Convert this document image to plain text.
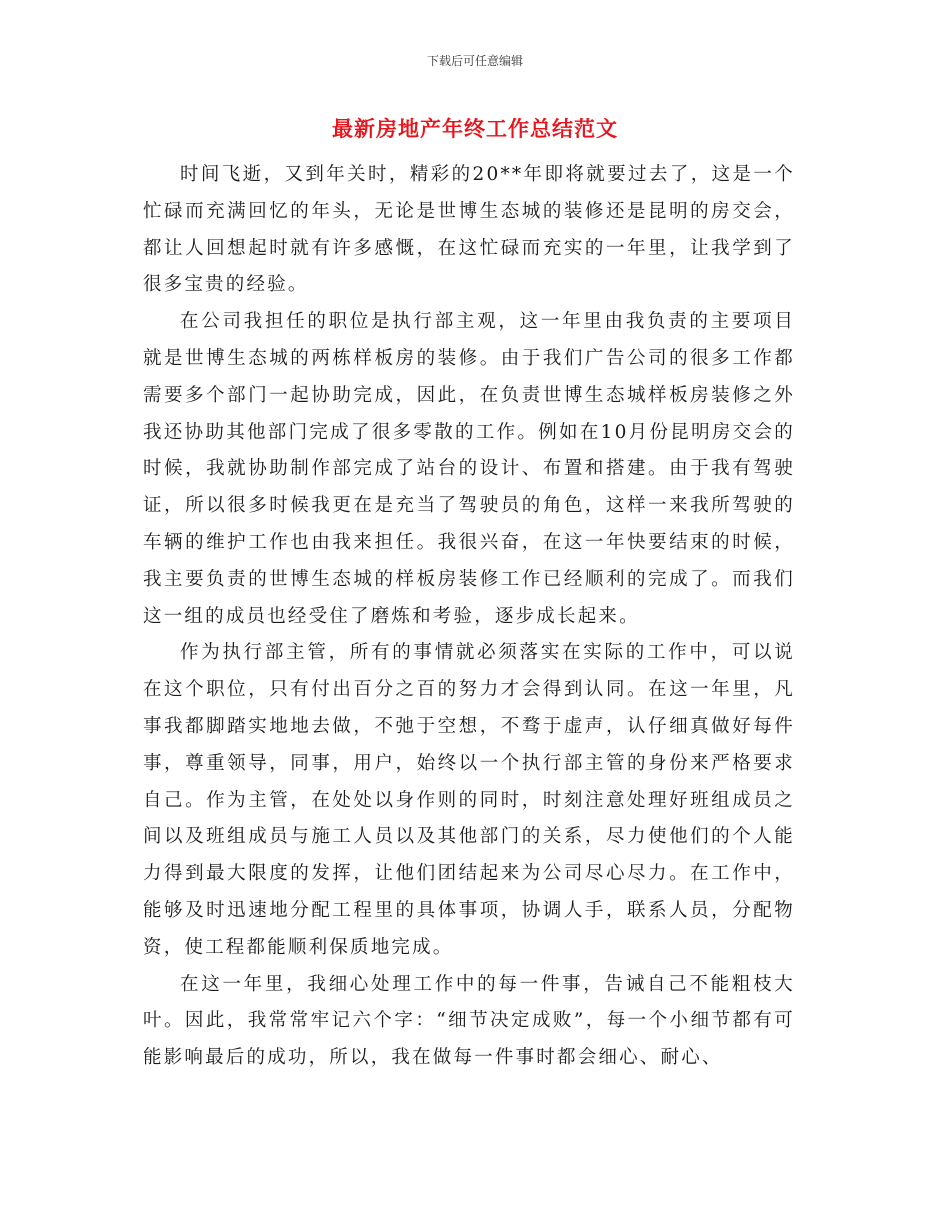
下载后可任意编辑
最新房地产年终工作总结范文

时间飞逝，又到年关时，精彩的20**年即将就要过去了，这是一个忙碌而充满回忆的年头，无论是世博生态城的装修还是昆明的房交会，都让人回想起时就有许多感慨，在这忙碌而充实的一年里，让我学到了很多宝贵的经验。

在公司我担任的职位是执行部主观，这一年里由我负责的主要项目就是世博生态城的两栋样板房的装修。由于我们广告公司的很多工作都需要多个部门一起协助完成，因此，在负责世博生态城样板房装修之外我还协助其他部门完成了很多零散的工作。例如在10月份昆明房交会的时候，我就协助制作部完成了站台的设计、布置和搭建。由于我有驾驶证，所以很多时候我更在是充当了驾驶员的角色，这样一来我所驾驶的车辆的维护工作也由我来担任。我很兴奋，在这一年快要结束的时候，我主要负责的世博生态城的样板房装修工作已经顺利的完成了。而我们这一组的成员也经受住了磨炼和考验，逐步成长起来。

作为执行部主管，所有的事情就必须落实在实际的工作中，可以说在这个职位，只有付出百分之百的努力才会得到认同。在这一年里，凡事我都脚踏实地地去做，不弛于空想，不骛于虚声，认仔细真做好每件事，尊重领导，同事，用户，始终以一个执行部主管的身份来严格要求自己。作为主管，在处处以身作则的同时，时刻注意处理好班组成员之间以及班组成员与施工人员以及其他部门的关系，尽力使他们的个人能力得到最大限度的发挥，让他们团结起来为公司尽心尽力。在工作中，能够及时迅速地分配工程里的具体事项，协调人手，联系人员，分配物资，使工程都能顺利保质地完成。

在这一年里，我细心处理工作中的每一件事，告诫自己不能粗枝大叶。因此，我常常牢记六个字：“细节决定成败”，每一个小细节都有可能影响最后的成功，所以，我在做每一件事时都会细心、耐心、
